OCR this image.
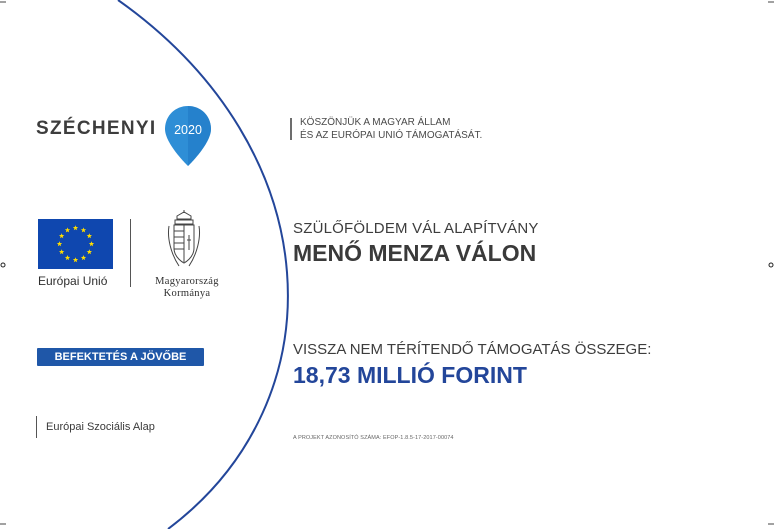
SZÉCHENYI 2020
KÖSZÖNJÜK A MAGYAR ÁLLAM
ÉS AZ EURÓPAI UNIÓ TÁMOGATÁSÁT.
Európai Unió	Magyarország
Kormánya
SZÜLŐFÖLDEM VÁL ALAPÍTVÁNY
MENŐ MENZA VÁLON
BEFEKTETÉS A JÖVŐBE	VISSZA NEM TÉRÍTENDŐ TÁMOGATÁS ÖSSZEGE:
18,73 MILLIÓ FORINT
Európai Szociális Alap
A PROJEKT AZONOSÍTÓ SZÁMA: EFOP-1.8.5-17-2017-00074
